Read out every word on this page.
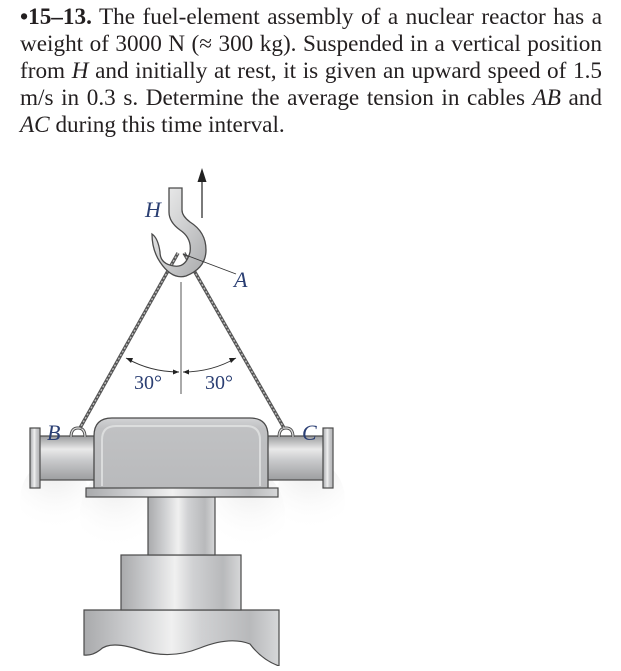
•15–13. The fuel-element assembly of a nuclear reactor has a weight of 3000 N (≈ 300 kg). Suspended in a vertical position from H and initially at rest, it is given an upward speed of 1.5 m/s in 0.3 s. Determine the average tension in cables AB and AC during this time interval.
H
A
B	C
30° 30°
